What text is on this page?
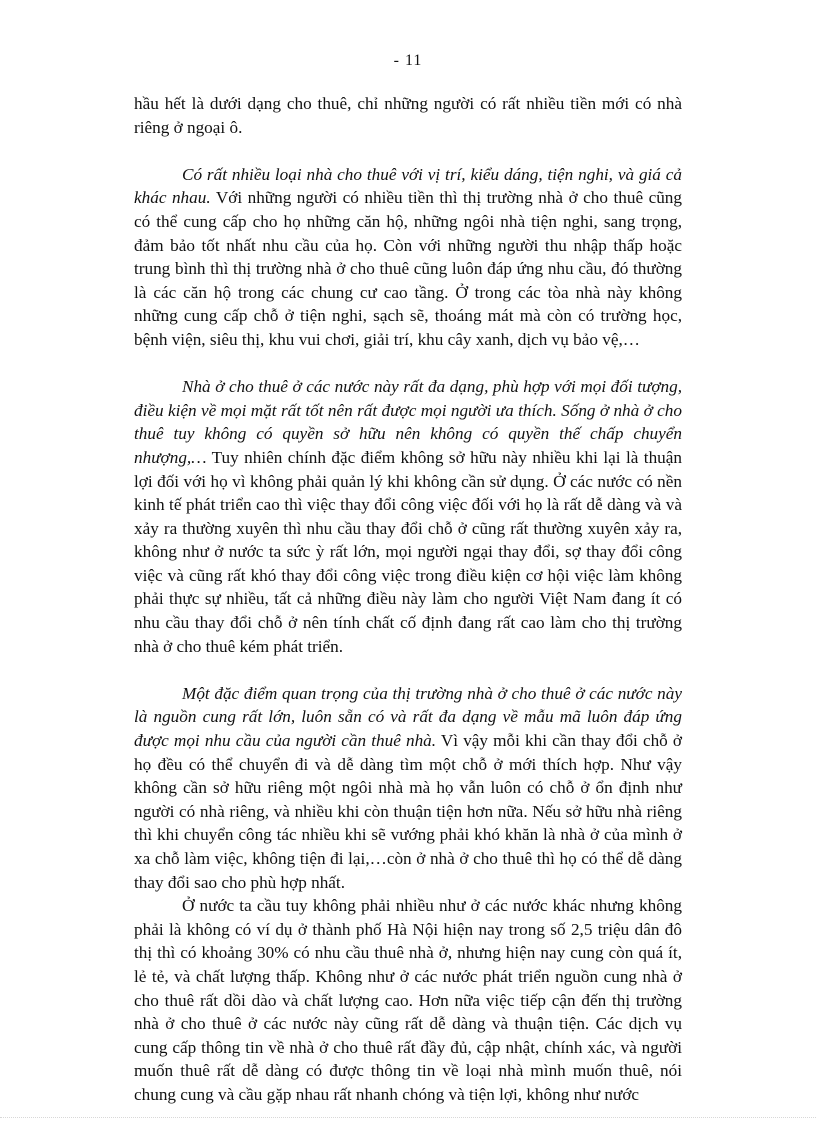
- 11

hầu hết là dưới dạng cho thuê, chỉ những người có rất nhiều tiền mới có nhà riêng ở ngoại ô.

Có rất nhiều loại nhà cho thuê với vị trí, kiểu dáng, tiện nghi, và giá cả khác nhau. Với những người có nhiều tiền thì thị trường nhà ở cho thuê cũng có thể cung cấp cho họ những căn hộ, những ngôi nhà tiện nghi, sang trọng, đảm bảo tốt nhất nhu cầu của họ. Còn với những người thu nhập thấp hoặc trung bình thì thị trường nhà ở cho thuê cũng luôn đáp ứng nhu cầu, đó thường là các căn hộ trong các chung cư cao tầng. Ở trong các tòa nhà này không những cung cấp chỗ ở tiện nghi, sạch sẽ, thoáng mát mà còn có trường học, bệnh viện, siêu thị, khu vui chơi, giải trí, khu cây xanh, dịch vụ bảo vệ,…

Nhà ở cho thuê ở các nước này rất đa dạng, phù hợp với mọi đối tượng, điều kiện về mọi mặt rất tốt nên rất được mọi người ưa thích. Sống ở nhà ở cho thuê tuy không có quyền sở hữu nên không có quyền thế chấp chuyển nhượng,… Tuy nhiên chính đặc điểm không sở hữu này nhiều khi lại là thuận lợi đối với họ vì không phải quản lý khi không cần sử dụng. Ở các nước có nền kinh tế phát triển cao thì việc thay đổi công việc đối với họ là rất dễ dàng và và xảy ra thường xuyên thì nhu cầu thay đổi chỗ ở cũng rất thường xuyên xảy ra, không như ở nước ta sức ỳ rất lớn, mọi người ngại thay đổi, sợ thay đổi công việc và cũng rất khó thay đổi công việc trong điều kiện cơ hội việc làm không phải thực sự nhiều, tất cả những điều này làm cho người Việt Nam đang ít có nhu cầu thay đổi chỗ ở nên tính chất cố định đang rất cao làm cho thị trường nhà ở cho thuê kém phát triển.

Một đặc điểm quan trọng của thị trường nhà ở cho thuê ở các nước này là nguồn cung rất lớn, luôn sẵn có và rất đa dạng về mẫu mã luôn đáp ứng được mọi nhu cầu của người cần thuê nhà. Vì vậy mỗi khi cần thay đổi chỗ ở họ đều có thể chuyển đi và dễ dàng tìm một chỗ ở mới thích hợp. Như vậy không cần sở hữu riêng một ngôi nhà mà họ vẫn luôn có chỗ ở ổn định như người có nhà riêng, và nhiều khi còn thuận tiện hơn nữa. Nếu sở hữu nhà riêng thì khi chuyển công tác nhiều khi sẽ vướng phải khó khăn là nhà ở của mình ở xa chỗ làm việc, không tiện đi lại,…còn ở nhà ở cho thuê thì họ có thể dễ dàng thay đổi sao cho phù hợp nhất.

Ở nước ta cầu tuy không phải nhiều như ở các nước khác nhưng không phải là không có ví dụ ở thành phố Hà Nội hiện nay trong số 2,5 triệu dân đô thị thì có khoảng 30% có nhu cầu thuê nhà ở, nhưng hiện nay cung còn quá ít, lẻ tẻ, và chất lượng thấp. Không như ở các nước phát triển nguồn cung nhà ở cho thuê rất dồi dào và chất lượng cao. Hơn nữa việc tiếp cận đến thị trường nhà ở cho thuê ở các nước này cũng rất dễ dàng và thuận tiện. Các dịch vụ cung cấp thông tin về nhà ở cho thuê rất đầy đủ, cập nhật, chính xác, và người muốn thuê rất dễ dàng có được thông tin về loại nhà mình muốn thuê, nói chung cung và cầu gặp nhau rất nhanh chóng và tiện lợi, không như nước
